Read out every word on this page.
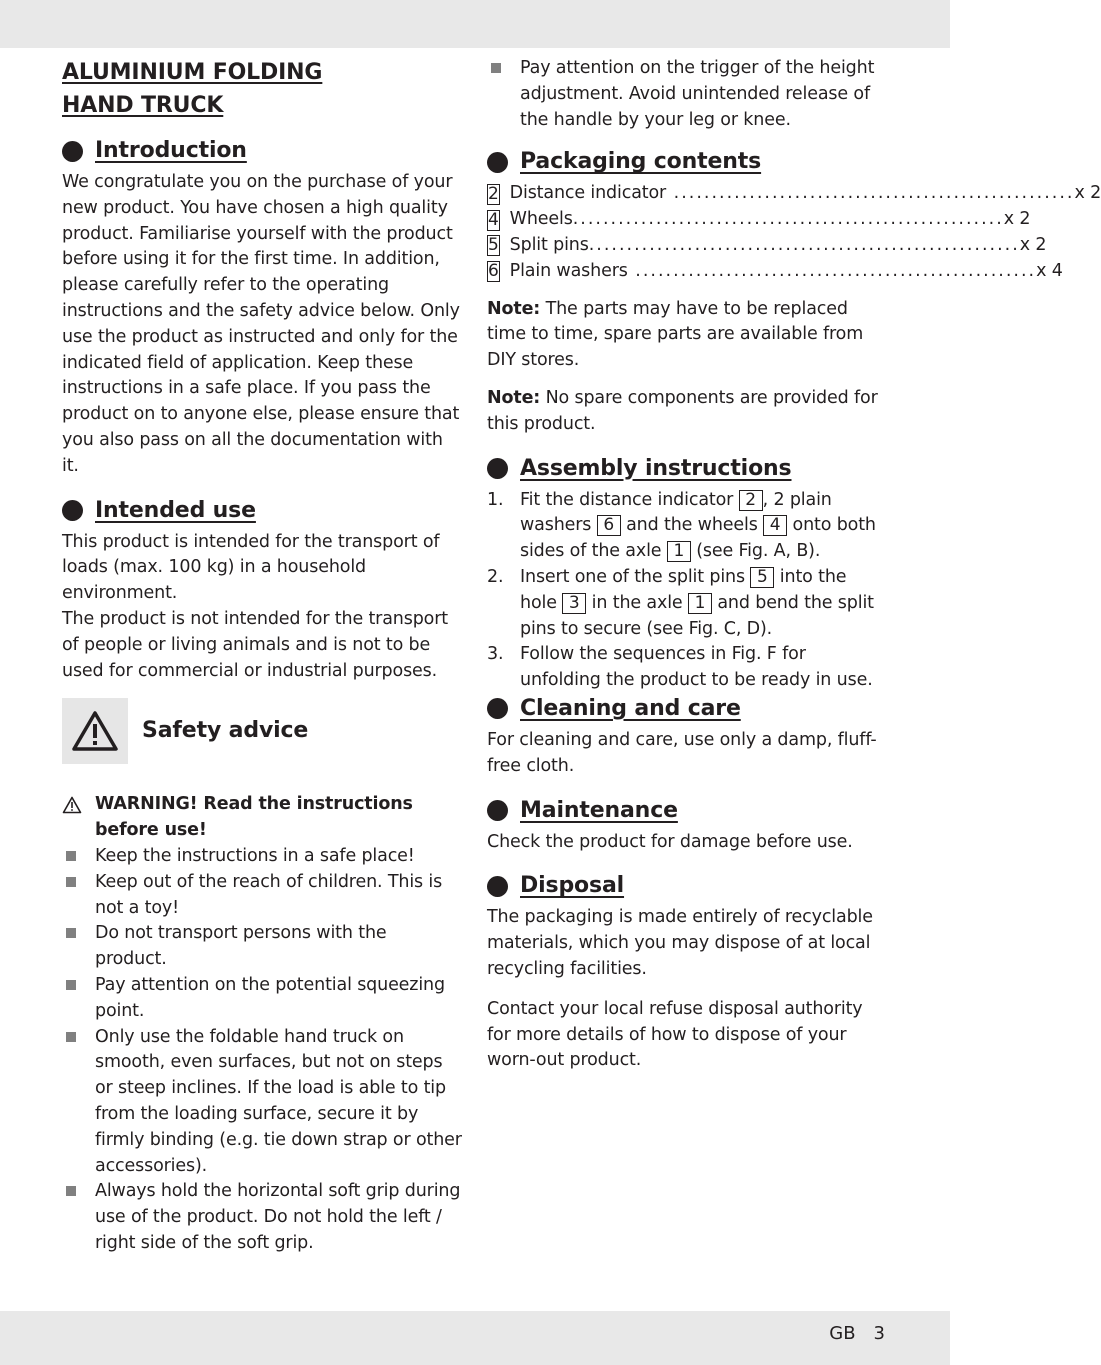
ALUMINIUM FOLDING
HAND TRUCK
Introduction

We congratulate you on the purchase of your new product. You have chosen a high quality product. Familiarise yourself with the product before using it for the first time. In addition, please carefully refer to the operating instructions and the safety advice below. Only use the product as instructed and only for the indicated field of application. Keep these instructions in a safe place. If you pass the product on to anyone else, please ensure that you also pass on all the documentation with it.

Intended use

This product is intended for the transport of loads (max. 100 kg) in a household environment.

The product is not intended for the transport of people or living animals and is not to be used for commercial or industrial purposes.

Safety advice
WARNING! Read the instructions before use!
Keep the instructions in a safe place!
Keep out of the reach of children. This is not a toy!
Do not transport persons with the product.
Pay attention on the potential squeezing point.
Only use the foldable hand truck on smooth, even surfaces, but not on steps or steep inclines. If the load is able to tip from the loading surface, secure it by firmly binding (e.g. tie down strap or other accessories).
Always hold the horizontal soft grip during use of the product. Do not hold the left / right side of the soft grip.
Pay attention on the trigger of the height adjustment. Avoid unintended release of the handle by your leg or knee.
Packaging contents
2 Distance indicator ..................................................... x 2
4 Wheels ......................................................... x 2
5 Split pins ......................................................... x 2
6 Plain washers ..................................................... x 4

Note: The parts may have to be replaced time to time, spare parts are available from DIY stores.

Note: No spare components are provided for this product.

Assembly instructions
1. Fit the distance indicator 2 , 2 plain washers 6 and the wheels 4 onto both sides of the axle 1 (see Fig. A, B).
2. Insert one of the split pins 5 into the hole 3 in the axle 1 and bend the split pins to secure (see Fig. C, D).
3. Follow the sequences in Fig. F for unfolding the product to be ready in use.
Cleaning and care

For cleaning and care, use only a damp, fluff-free cloth.

Maintenance

Check the product for damage before use.

Disposal

The packaging is made entirely of recyclable materials, which you may dispose of at local recycling facilities.

Contact your local refuse disposal authority for more details of how to dispose of your worn-out product.

GB 3
